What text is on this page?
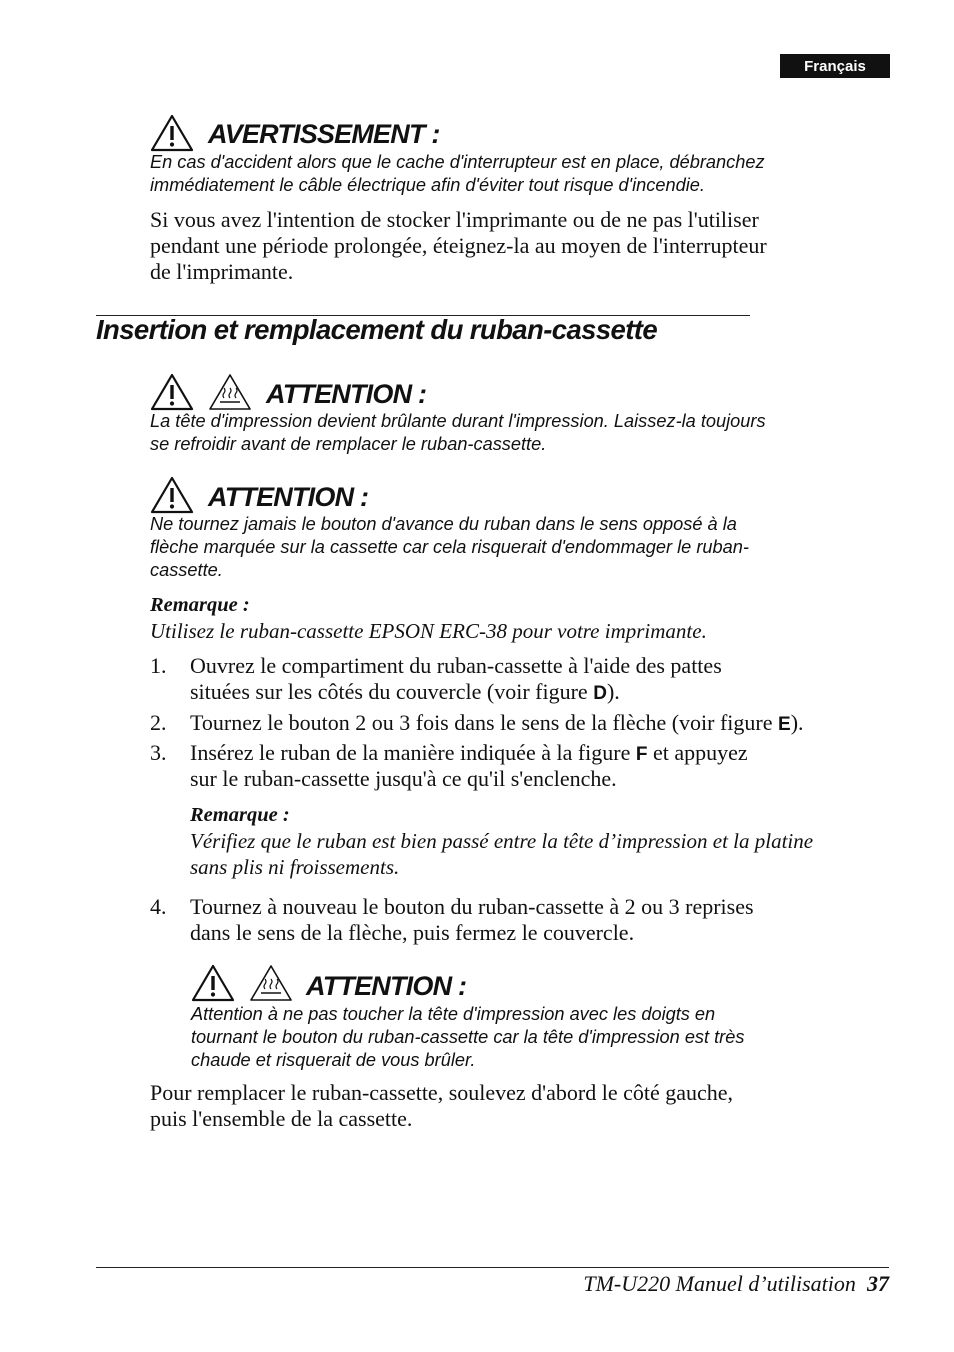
Français
AVERTISSEMENT :

En cas d'accident alors que le cache d'interrupteur est en place, débranchez

immédiatement le câble électrique afin d'éviter tout risque d'incendie.

Si vous avez l'intention de stocker l'imprimante ou de ne pas l'utiliser

pendant une période prolongée, éteignez-la au moyen de l'interrupteur

de l'imprimante.

Insertion et remplacement du ruban-cassette
ATTENTION :

La tête d'impression devient brûlante durant l'impression. Laissez-la toujours

se refroidir avant de remplacer le ruban-cassette.

ATTENTION :

Ne tournez jamais le bouton d'avance du ruban dans le sens opposé à la

flèche marquée sur la cassette car cela risquerait d'endommager le ruban-

cassette.

Remarque :
Utilisez le ruban-cassette EPSON ERC-38 pour votre imprimante.
1. Ouvrez le compartiment du ruban-cassette à l'aide des pattes
situées sur les côtés du couvercle (voir figure D).
2. Tournez le bouton 2 ou 3 fois dans le sens de la flèche (voir figure E).
3. Insérez le ruban de la manière indiquée à la figure F et appuyez
sur le ruban-cassette jusqu'à ce qu'il s'enclenche.
Remarque :
Vérifiez que le ruban est bien passé entre la tête d’impression et la platine
sans plis ni froissements.
4. Tournez à nouveau le bouton du ruban-cassette à 2 ou 3 reprises
dans le sens de la flèche, puis fermez le couvercle.
ATTENTION :

Attention à ne pas toucher la tête d'impression avec les doigts en

tournant le bouton du ruban-cassette car la tête d'impression est très

chaude et risquerait de vous brûler.

Pour remplacer le ruban-cassette, soulevez d'abord le côté gauche,

puis l'ensemble de la cassette.

TM-U220 Manuel d’utilisation 37
